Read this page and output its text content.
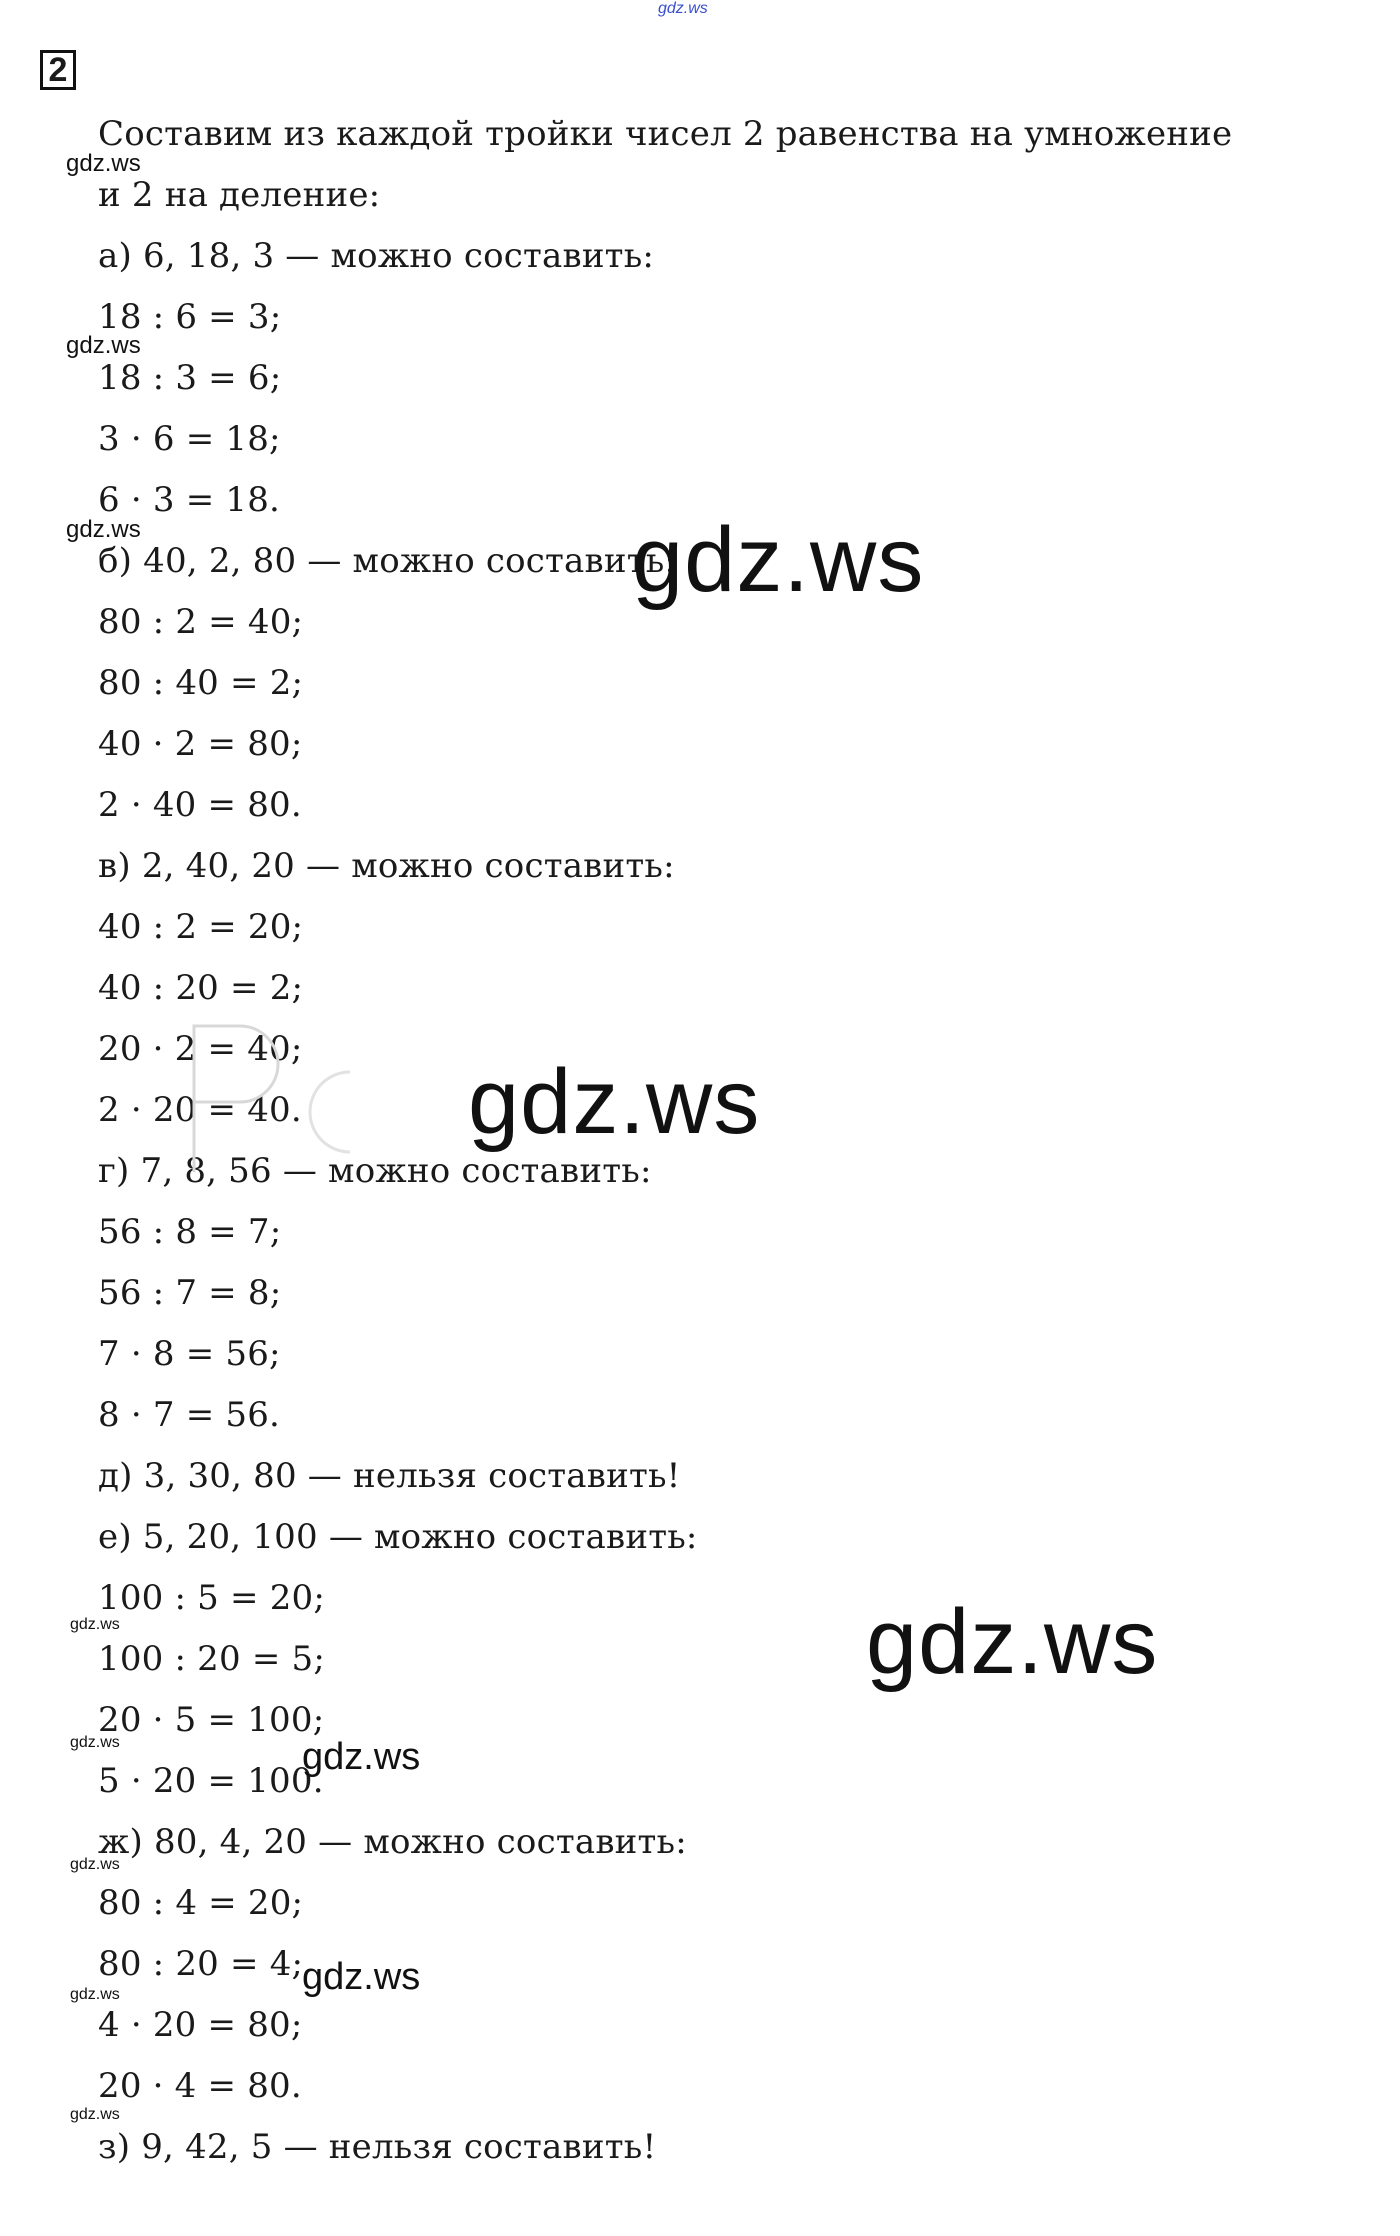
gdz.ws
2
Составим из каждой тройки чисел 2 равенства на умножение
и 2 на деление:
а) 6, 18, 3 — можно составить:
18 : 6 = 3;
18 : 3 = 6;
3 · 6 = 18;
6 · 3 = 18.
б) 40, 2, 80 — можно составить:
80 : 2 = 40;
80 : 40 = 2;
40 · 2 = 80;
2 · 40 = 80.
в) 2, 40, 20 — можно составить:
40 : 2 = 20;
40 : 20 = 2;
20 · 2 = 40;
2 · 20 = 40.
г) 7, 8, 56 — можно составить:
56 : 8 = 7;
56 : 7 = 8;
7 · 8 = 56;
8 · 7 = 56.
д) 3, 30, 80 — нельзя составить!
е) 5, 20, 100 — можно составить:
100 : 5 = 20;
100 : 20 = 5;
20 · 5 = 100;
5 · 20 = 100.
ж) 80, 4, 20 — можно составить:
80 : 4 = 20;
80 : 20 = 4;
4 · 20 = 80;
20 · 4 = 80.
з) 9, 42, 5 — нельзя составить!
gdz.ws
gdz.ws
gdz.ws	gdz.ws
gdz.ws
gdz.ws
gdz.ws
gdz.ws
gdz.ws
gdz.ws
gdz.ws
gdz.ws
gdz.ws
